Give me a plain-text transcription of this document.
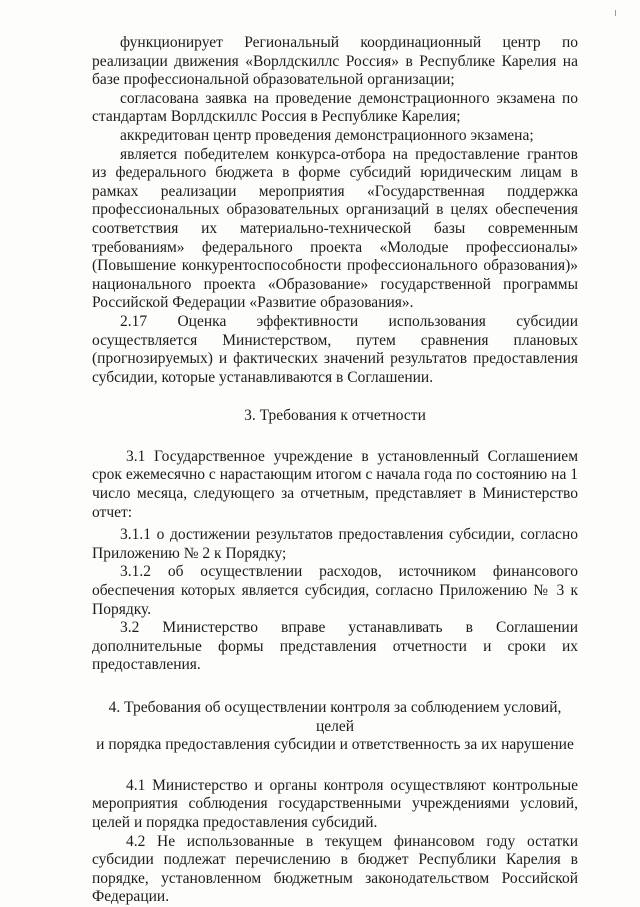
функционирует Региональный координационный центр по реализации движения «Ворлдскиллс Россия» в Республике Карелия на базе профессиональной образовательной организации;

согласована заявка на проведение демонстрационного экзамена по стандартам Ворлдскиллс Россия в Республике Карелия;

аккредитован центр проведения демонстрационного экзамена;

является победителем конкурса-отбора на предоставление грантов из федерального бюджета в форме субсидий юридическим лицам в рамках реализации мероприятия «Государственная поддержка профессиональных образовательных организаций в целях обеспечения соответствия их материально-технической базы современным требованиям» федерального проекта «Молодые профессионалы» (Повышение конкурентоспособности профессионального образования)» национального проекта «Образование» государственной программы Российской Федерации «Развитие образования».

2.17 Оценка эффективности использования субсидии осуществляется Министерством, путем сравнения плановых (прогнозируемых) и фактических значений результатов предоставления субсидии, которые устанавливаются в Соглашении.

3. Требования к отчетности

3.1 Государственное учреждение в установленный Соглашением срок ежемесячно с нарастающим итогом с начала года по состоянию на 1 число месяца, следующего за отчетным, представляет в Министерство отчет:

3.1.1 о достижении результатов предоставления субсидии, согласно Приложению № 2 к Порядку;

3.1.2 об осуществлении расходов, источником финансового обеспечения которых является субсидия, согласно Приложению № 3 к Порядку.

3.2 Министерство вправе устанавливать в Соглашении дополнительные формы представления отчетности и сроки их предоставления.

4. Требования об осуществлении контроля за соблюдением условий, целей
и порядка предоставления субсидии и ответственность за их нарушение

4.1 Министерство и органы контроля осуществляют контрольные мероприятия соблюдения государственными учреждениями условий, целей и порядка предоставления субсидий.

4.2 Не использованные в текущем финансовом году остатки субсидии подлежат перечислению в бюджет Республики Карелия в порядке, установленном бюджетным законодательством Российской Федерации.
